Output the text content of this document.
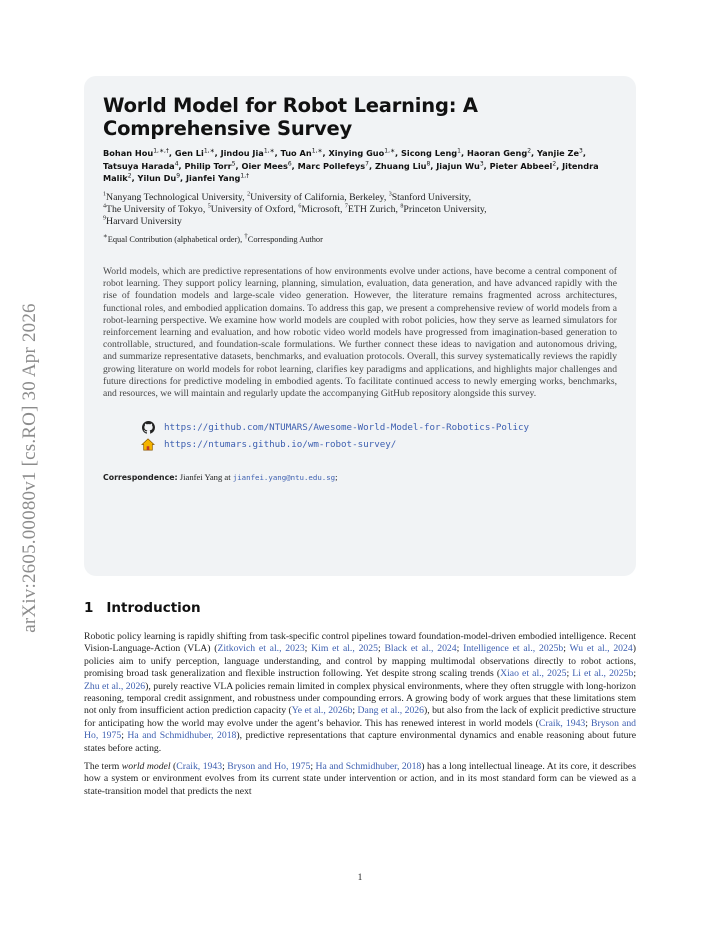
arXiv:2605.00080v1 [cs.RO] 30 Apr 2026
World Model for Robot Learning: A Comprehensive Survey
Bohan Hou$^{1,∗,\dagger}$, Gen $Li^{1,∗}$, Jindou Jia$^{1,∗}$, Tuo $An^{1,∗}$, Xinying Guo$^{1,∗}$, Sicong Leng$^1$, Haoran Geng$^2$, Yanjie Ze$^3$, Tatsuya Harada$^4$, Philip Torr$^5$, Oier Mees$^6$, Marc Pollefeys$^7$, Zhuang Liu$^8$, Jiajun Wu$^3$, Pieter Abbeel$^2$, Jitendra Malik$^2$, Yilun Du$^9$, Jianfei Yang$^{1,\dagger}$

$^1$Nanyang Technological University, $^2$University of California, Berkeley, $^3$Stanford University,
$^4$The University of Tokyo, $^5$University of Oxford, $^6$Microsoft, $^7$ETH Zurich, $^8$Princeton University,
$^9$Harvard University

∗Equal Contribution (alphabetical order), †Corresponding Author

World models, which are predictive representations of how environments evolve under actions, have become a central component of robot learning. They support policy learning, planning, simulation, evaluation, data generation, and have advanced rapidly with the rise of foundation models and large-scale video generation. However, the literature remains fragmented across architectures, functional roles, and embodied application domains. To address this gap, we present a comprehensive review of world models from a robot-learning perspective. We examine how world models are coupled with robot policies, how they serve as learned simulators for reinforcement learning and evaluation, and how robotic video world models have progressed from imagination-based generation to controllable, structured, and foundation-scale formulations. We further connect these ideas to navigation and autonomous driving, and summarize representative datasets, benchmarks, and evaluation protocols. Overall, this survey systematically reviews the rapidly growing literature on world models for robot learning, clarifies key paradigms and applications, and highlights major challenges and future directions for predictive modeling in embodied agents. To facilitate continued access to newly emerging works, benchmarks, and resources, we will maintain and regularly update the accompanying GitHub repository alongside this survey.

https://github.com/NTUMARS/Awesome-World-Model-for-Robotics-Policy
https://ntumars.github.io/wm-robot-survey/

Correspondence: Jianfei Yang at jianfei.yang@ntu.edu.sg;

1 Introduction

Robotic policy learning is rapidly shifting from task-specific control pipelines toward foundation-model-driven embodied intelligence. Recent Vision-Language-Action (VLA) (Zitkovich et al., 2023; Kim et al., 2025; Black et al., 2024; Intelligence et al., 2025b; Wu et al., 2024) policies aim to unify perception, language understanding, and control by mapping multimodal observations directly to robot actions, promising broad task generalization and flexible instruction following. Yet despite strong scaling trends (Xiao et al., 2025; Li et al., 2025b; Zhu et al., 2026), purely reactive VLA policies remain limited in complex physical environments, where they often struggle with long-horizon reasoning, temporal credit assignment, and robustness under compounding errors. A growing body of work argues that these limitations stem not only from insufficient action prediction capacity (Ye et al., 2026b; Dang et al., 2026), but also from the lack of explicit predictive structure for anticipating how the world may evolve under the agent’s behavior. This has renewed interest in world models (Craik, 1943; Bryson and Ho, 1975; Ha and Schmidhuber, 2018), predictive representations that capture environmental dynamics and enable reasoning about future states before acting.

The term world model (Craik, 1943; Bryson and Ho, 1975; Ha and Schmidhuber, 2018) has a long intellectual lineage. At its core, it describes how a system or environment evolves from its current state under intervention or action, and in its most standard form can be viewed as a state-transition model that predicts the next

1
